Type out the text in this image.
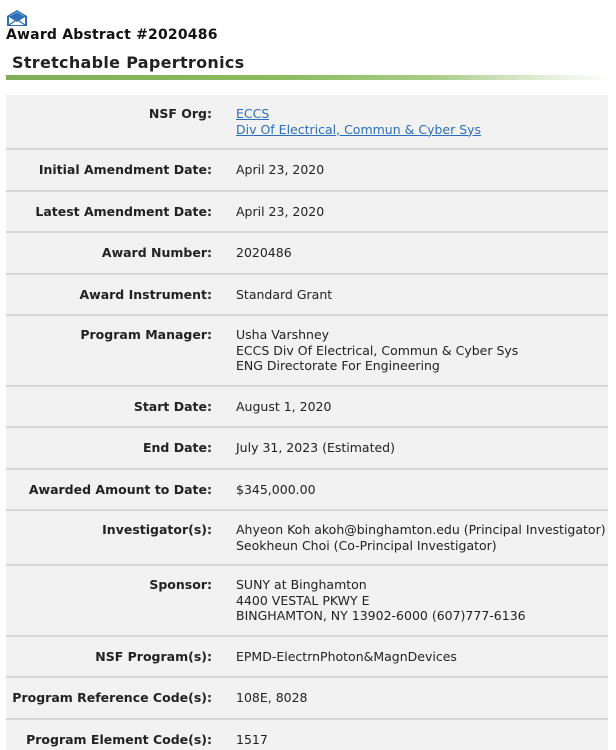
Award Abstract #2020486
Stretchable Papertronics
NSF Org:	ECCS
Div Of Electrical, Commun & Cyber Sys

Initial Amendment Date:	April 23, 2020

Latest Amendment Date:	April 23, 2020

Award Number:	2020486

Award Instrument:	Standard Grant

Program Manager:	Usha Varshney
ECCS Div Of Electrical, Commun & Cyber Sys
ENG Directorate For Engineering

Start Date:	August 1, 2020

End Date:	July 31, 2023 (Estimated)

Awarded Amount to Date:	$345,000.00

Investigator(s):	Ahyeon Koh akoh@binghamton.edu (Principal Investigator)
Seokheun Choi (Co-Principal Investigator)

Sponsor:	SUNY at Binghamton
4400 VESTAL PKWY E
BINGHAMTON, NY 13902-6000 (607)777-6136

NSF Program(s):	EPMD-ElectrnPhoton&MagnDevices

Program Reference Code(s):	108E, 8028

Program Element Code(s):	1517
